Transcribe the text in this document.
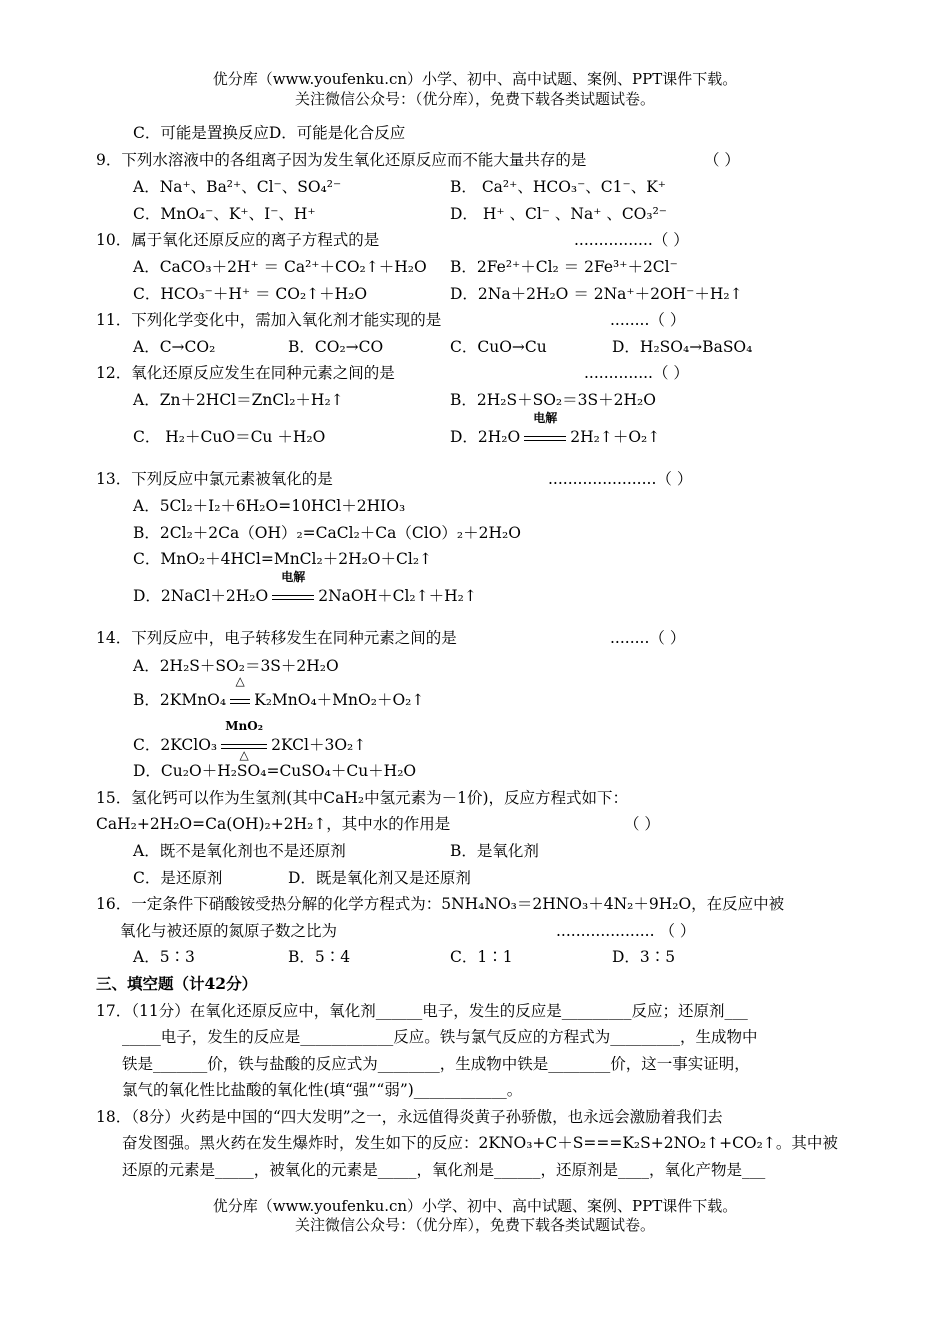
优分库（www.youfenku.cn）小学、初中、高中试题、案例、PPT课件下载。
关注微信公众号：（优分库），免费下载各类试题试卷。
C．可能是置换反应D．可能是化合反应
9．下列水溶液中的各组离子因为发生氧化还原反应而不能大量共存的是	（ ）
A．Na⁺、Ba²⁺、Cl⁻、SO₄²⁻	B． Ca²⁺、HCO₃⁻、C1⁻、K⁺
C．MnO₄⁻、K⁺、I⁻、H⁺	D． H⁺ 、Cl⁻ 、Na⁺ 、CO₃²⁻
10．属于氧化还原反应的离子方程式的是	................（ ）
A．CaCO₃＋2H⁺ ＝ Ca²⁺＋CO₂↑＋H₂O B．2Fe²⁺＋Cl₂ ＝ 2Fe³⁺＋2Cl⁻
C．HCO₃⁻＋H⁺ ＝ CO₂↑＋H₂O	D．2Na＋2H₂O ＝ 2Na⁺＋2OH⁻＋H₂↑
11．下列化学变化中，需加入氧化剂才能实现的是	........（ ）
A．C→CO₂	B．CO₂→CO	C．CuO→Cu	D．H₂SO₄→BaSO₄
12．氧化还原反应发生在同种元素之间的是	..............（ ）
A．Zn＋2HCl＝ZnCl₂＋H₂↑	B．2H₂S＋SO₂＝3S＋2H₂O
C． H₂＋CuO＝Cu ＋H₂O	D．2H₂O
电解
2H₂↑＋O₂↑
13．下列反应中氯元素被氧化的是	......................（ ）
A．5Cl₂＋I₂＋6H₂O=10HCl＋2HIO₃
B．2Cl₂＋2Ca（OH）₂=CaCl₂＋Ca（ClO）₂＋2H₂O
C．MnO₂＋4HCl=MnCl₂＋2H₂O＋Cl₂↑
D．2NaCl＋2H₂O
电解
2NaOH＋Cl₂↑＋H₂↑
14．下列反应中，电子转移发生在同种元素之间的是	........（ ）
A．2H₂S＋SO₂＝3S＋2H₂O
B．2KMnO₄
△
K₂MnO₄＋MnO₂＋O₂↑
C．2KClO₃
MnO₂
△
2KCl＋3O₂↑
D．Cu₂O＋H₂SO₄=CuSO₄＋Cu＋H₂O
15．氢化钙可以作为生氢剂(其中CaH₂中氢元素为－1价)，反应方程式如下：
CaH₂+2H₂O=Ca(OH)₂+2H₂↑，其中水的作用是	（ ）
A．既不是氧化剂也不是还原剂	B．是氧化剂
C．是还原剂	D．既是氧化剂又是还原剂
16．一定条件下硝酸铵受热分解的化学方程式为：5NH₄NO₃＝2HNO₃＋4N₂＋9H₂O，在反应中被
氧化与被还原的氮原子数之比为	.................... （ ）
A．5∶3	B．5∶4	C．1∶1	D．3∶5
三、填空题（计42分）
17．（11分）在氧化还原反应中，氧化剂______电子，发生的反应是_________反应；还原剂___
_____电子，发生的反应是____________反应。铁与氯气反应的方程式为_________，生成物中
铁是_______价，铁与盐酸的反应式为________，生成物中铁是________价，这一事实证明，
氯气的氧化性比盐酸的氧化性(填“强”“弱”)____________。
18．（8分）火药是中国的“四大发明”之一，永远值得炎黄子孙骄傲，也永远会激励着我们去
奋发图强。黑火药在发生爆炸时，发生如下的反应：2KNO₃+C＋S===K₂S+2NO₂↑+CO₂↑。其中被
还原的元素是_____，被氧化的元素是_____，氧化剂是______，还原剂是____，氧化产物是___
优分库（www.youfenku.cn）小学、初中、高中试题、案例、PPT课件下载。
关注微信公众号：（优分库），免费下载各类试题试卷。
